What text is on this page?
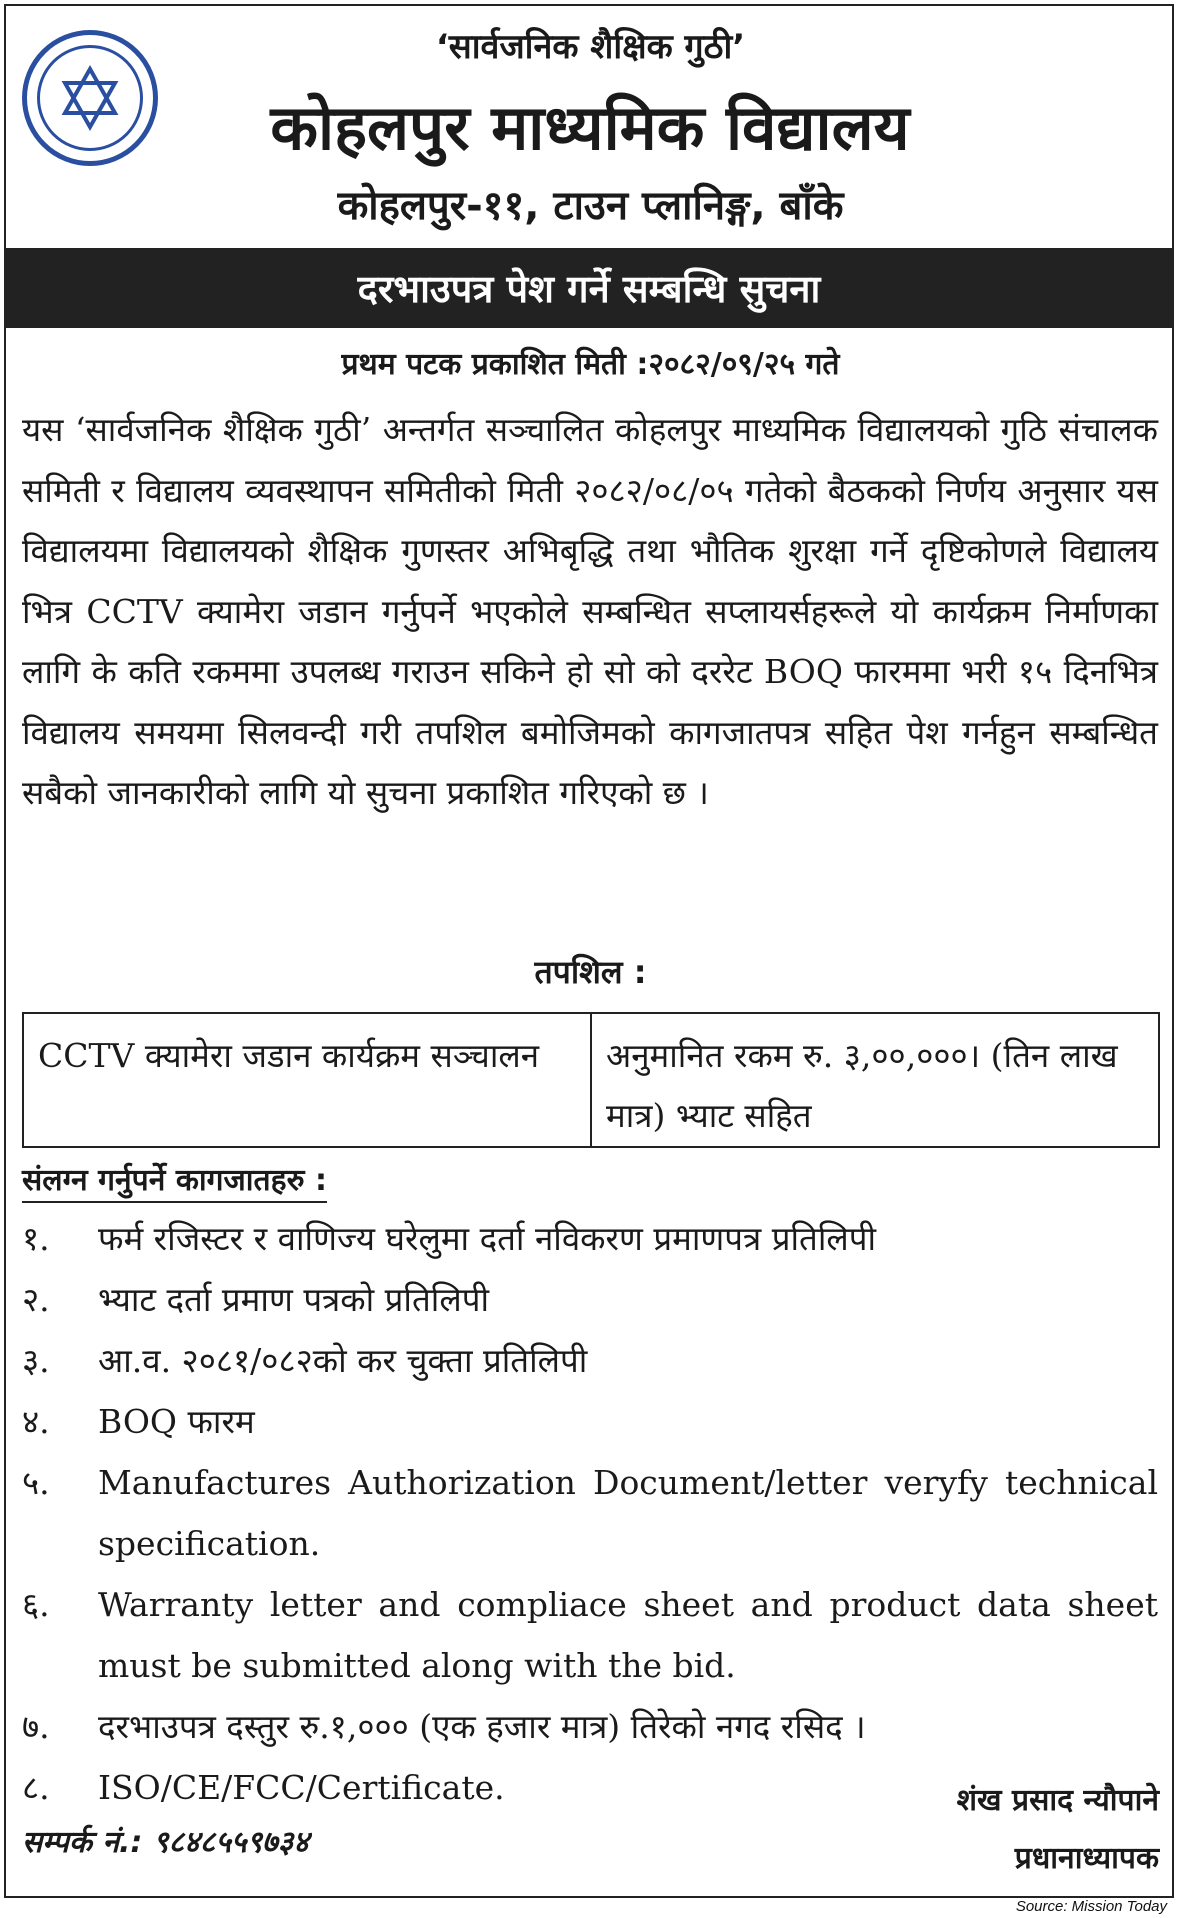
‘सार्वजनिक शैक्षिक गुठी’
कोहलपुर माध्यमिक विद्यालय
कोहलपुर-११, टाउन प्लानिङ्ग, बाँके
दरभाउपत्र पेश गर्ने सम्बन्धि सुचना
प्रथम पटक प्रकाशित मिती :२०८२/०९/२५ गते
यस ‘सार्वजनिक शैक्षिक गुठी’ अन्तर्गत सञ्चालित कोहलपुर माध्यमिक विद्यालयको गुठि संचालक समिती र विद्यालय व्यवस्थापन समितीको मिती २०८२/०८/०५ गतेको बैठकको निर्णय अनुसार यस विद्यालयमा विद्यालयको शैक्षिक गुणस्तर अभिबृद्धि तथा भौतिक शुरक्षा गर्ने दृष्टिकोणले विद्यालय भित्र CCTV क्यामेरा जडान गर्नुपर्ने भएकोले सम्बन्धित सप्लायर्सहरूले यो कार्यक्रम निर्माणका लागि के कति रकममा उपलब्ध गराउन सकिने हो सो को दररेट BOQ फारममा भरी १५ दिनभित्र विद्यालय समयमा सिलवन्दी गरी तपशिल बमोजिमको कागजातपत्र सहित पेश गर्नहुन सम्बन्धित सबैको जानकारीको लागि यो सुचना प्रकाशित गरिएको छ ।
तपशिल :
CCTV क्यामेरा जडान कार्यक्रम सञ्चालन	अनुमानित रकम रु. ३,००,०००। (तिन लाख मात्र) भ्याट सहित
संलग्न गर्नुपर्ने कागजातहरु :
१.	फर्म रजिस्टर र वाणिज्य घरेलुमा दर्ता नविकरण प्रमाणपत्र प्रतिलिपी
२.	भ्याट दर्ता प्रमाण पत्रको प्रतिलिपी
३.	आ.व. २०८१/०८२को कर चुक्ता प्रतिलिपी
४.	BOQ फारम
५.	Manufactures Authorization Document/letter veryfy technical specification.
६.	Warranty letter and compliace sheet and product data sheet must be submitted along with the bid.
७.	दरभाउपत्र दस्तुर रु.१,००० (एक हजार मात्र) तिरेको नगद रसिद ।
८.	ISO/CE/FCC/Certificate.
सम्पर्क नं.: ९८४८५५९७३४
शंख प्रसाद न्यौपाने
प्रधानाध्यापक
Source: Mission Today
